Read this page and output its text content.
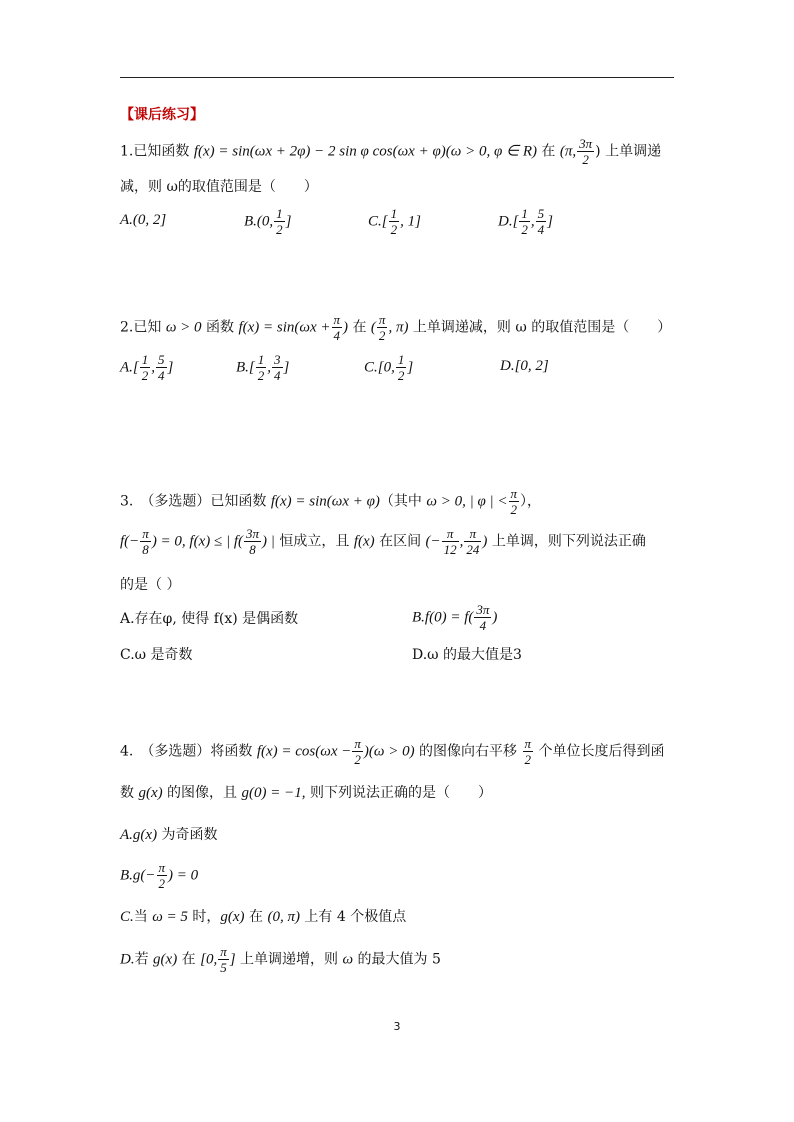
【课后练习】
1.已知函数 f(x) = sin(ωx + 2φ) − 2 sin φ cos(ωx + φ)(ω > 0, φ ∈ R) 在 (π, $\frac{3\pi}{2}$ ) 上单调递
减，则 ω的取值范围是（　　）
A.(0, 2]	B.(0, $\frac{1}{2}$ ]	$C.[ \frac{1}{2}$ , 1]	$D.[ \frac{1}{2}$ , $\frac{5}{4}$ ]
2.已知 ω > 0 函数 $f(x) = \sin(\omega x + \frac{\pi}{4}$ ) 在 ( $\frac{\pi}{2}$ , π) 上单调递减，则 ω 的取值范围是（　　）
$A.[ \frac{1}{2}$ , $\frac{5}{4}$ ]	$B.[ \frac{1}{2}$ , $\frac{3}{4}$ ]	C.[0, $\frac{1}{2}$ ]	D.[0, 2]
3.　（多选题）已知函数 f(x) = sin(ωx + φ)（其中 ω > 0, | φ | < $\frac{\pi}{2}$ ），
$f(- \frac{\pi}{8}$ ) = 0, f(x) ≤ | $f( \frac{3\pi}{8}$ ) | 恒成立，且 f(x) 在区间 (− $\frac{\pi}{12}$ , $\frac{\pi}{24}$ ) 上单调，则下列说法正确
的是（ ）
A.存在φ, 使得 f(x) 是偶函数	$B.f(0) = f( \frac{3\pi}{4}$ )
C.ω 是奇数	D.ω 的最大值是3
4.　（多选题）将函数 $f(x) = \cos(\omega x - \frac{\pi}{2} )(\omega > 0)$ 的图像向右平移 $\frac{\pi}{2}$ 个单位长度后得到函
数 g(x) 的图像，且 g(0) = −1, 则下列说法正确的是（　　）
A.g(x) 为奇函数
$B.g(- \frac{\pi}{2}$ ) = 0
C.当 ω = 5 时，g(x) 在 (0, π) 上有 4 个极值点
D.若 g(x) 在 [0, $\frac{\pi}{5}$ ] 上单调递增，则 ω 的最大值为 5
3
